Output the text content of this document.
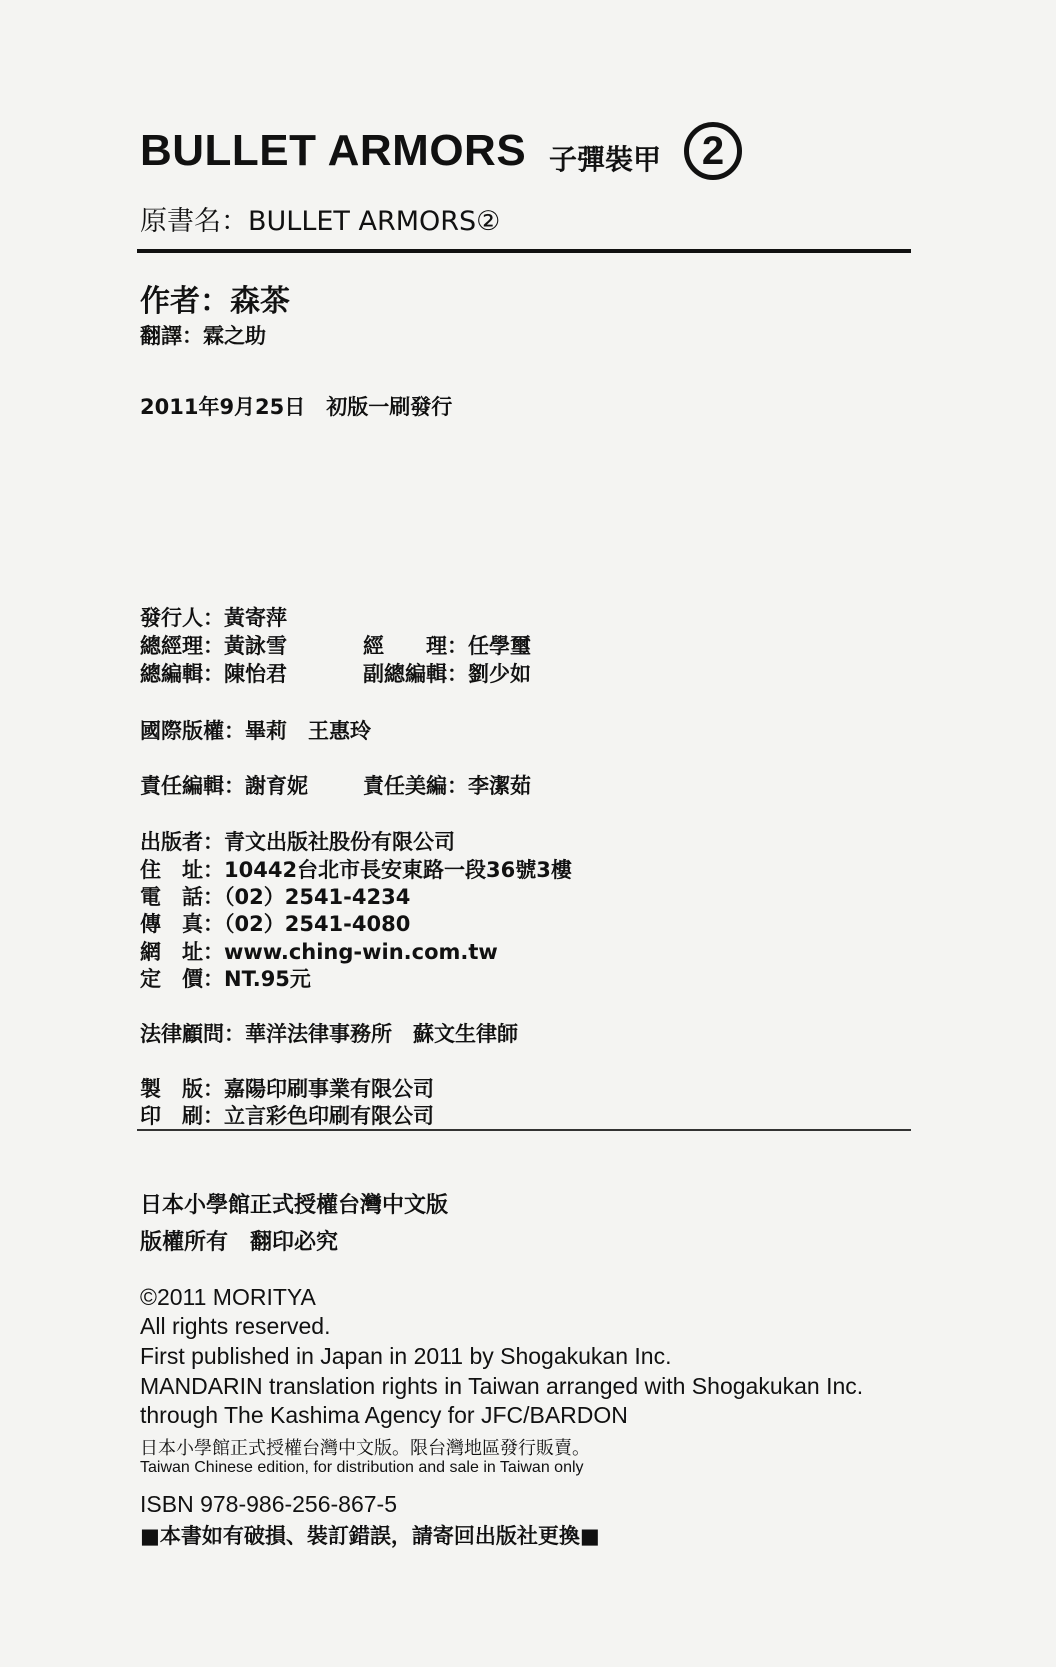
BULLET ARMORS 子彈裝甲	2
原書名：BULLET ARMORS②
作者：森茶
翻譯：霖之助
2011年9月25日　初版一刷發行
發行人：黃寄萍
總經理：黃詠雪	經　　理：任學璽
總編輯：陳怡君	副總編輯：劉少如
國際版權：畢莉　王惠玲
責任編輯：謝育妮	責任美編：李潔茹
出版者：青文出版社股份有限公司
住　址：10442台北市長安東路一段36號3樓
電　話：（02）2541-4234
傳　真：（02）2541-4080
網　址：www.ching-win.com.tw
定　價：NT.95元
法律顧問：華洋法律事務所　蘇文生律師
製　版：嘉陽印刷事業有限公司
印　刷：立言彩色印刷有限公司
日本小學館正式授權台灣中文版
版權所有　翻印必究
©2011 MORITYA
All rights reserved.
First published in Japan in 2011 by Shogakukan Inc.
MANDARIN translation rights in Taiwan arranged with Shogakukan Inc.
through The Kashima Agency for JFC/BARDON
日本小學館正式授權台灣中文版。限台灣地區發行販賣。
Taiwan Chinese edition, for distribution and sale in Taiwan only
ISBN 978-986-256-867-5
■本書如有破損、裝訂錯誤，請寄回出版社更換■
